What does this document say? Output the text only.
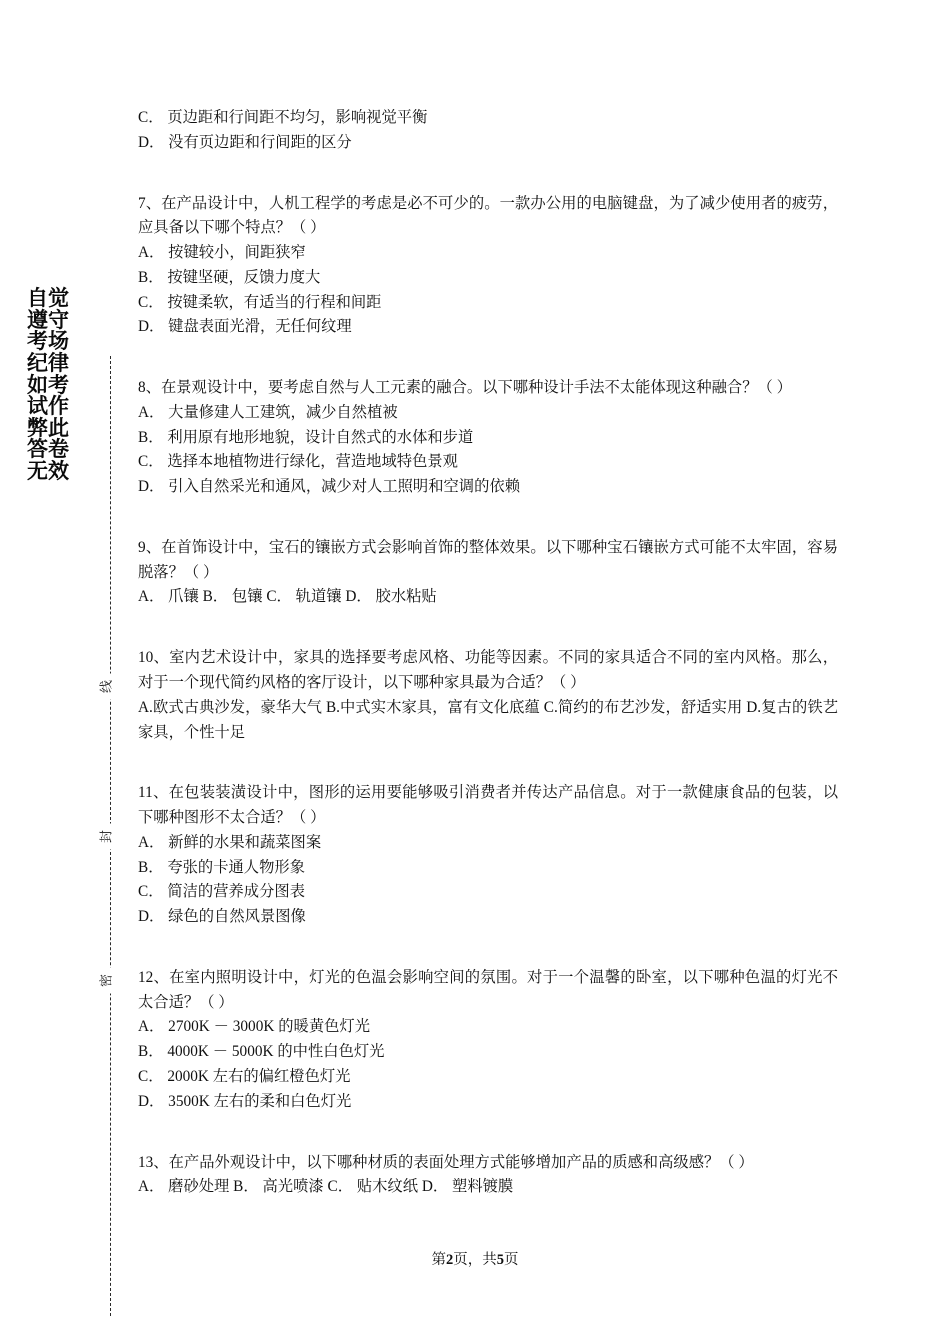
自觉遵守考场纪律如考试作弊此答卷无效
线
封
密
C． 页边距和行间距不均匀，影响视觉平衡
D． 没有页边距和行间距的区分
7、在产品设计中，人机工程学的考虑是必不可少的。一款办公用的电脑键盘，为了减少使用者的疲劳，应具备以下哪个特点？（ ）
A． 按键较小，间距狭窄
B． 按键坚硬，反馈力度大
C． 按键柔软，有适当的行程和间距
D． 键盘表面光滑，无任何纹理
8、在景观设计中，要考虑自然与人工元素的融合。以下哪种设计手法不太能体现这种融合？（ ）
A． 大量修建人工建筑，减少自然植被
B． 利用原有地形地貌，设计自然式的水体和步道
C． 选择本地植物进行绿化，营造地域特色景观
D． 引入自然采光和通风，减少对人工照明和空调的依赖
9、在首饰设计中，宝石的镶嵌方式会影响首饰的整体效果。以下哪种宝石镶嵌方式可能不太牢固，容易脱落？（ ）
A． 爪镶 B． 包镶 C． 轨道镶 D． 胶水粘贴
10、室内艺术设计中，家具的选择要考虑风格、功能等因素。不同的家具适合不同的室内风格。那么，对于一个现代简约风格的客厅设计，以下哪种家具最为合适？（ ）
A.欧式古典沙发，豪华大气 B.中式实木家具，富有文化底蕴 C.简约的布艺沙发，舒适实用 D.复古的铁艺家具，个性十足
11、在包装装潢设计中，图形的运用要能够吸引消费者并传达产品信息。对于一款健康食品的包装，以下哪种图形不太合适？（ ）
A． 新鲜的水果和蔬菜图案
B． 夸张的卡通人物形象
C． 简洁的营养成分图表
D． 绿色的自然风景图像
12、在室内照明设计中，灯光的色温会影响空间的氛围。对于一个温馨的卧室，以下哪种色温的灯光不太合适？（ ）
A． 2700K － 3000K 的暖黄色灯光
B． 4000K － 5000K 的中性白色灯光
C． 2000K 左右的偏红橙色灯光
D． 3500K 左右的柔和白色灯光
13、在产品外观设计中，以下哪种材质的表面处理方式能够增加产品的质感和高级感？（ ）
A． 磨砂处理 B． 高光喷漆 C． 贴木纹纸 D． 塑料镀膜
第2页，共5页
